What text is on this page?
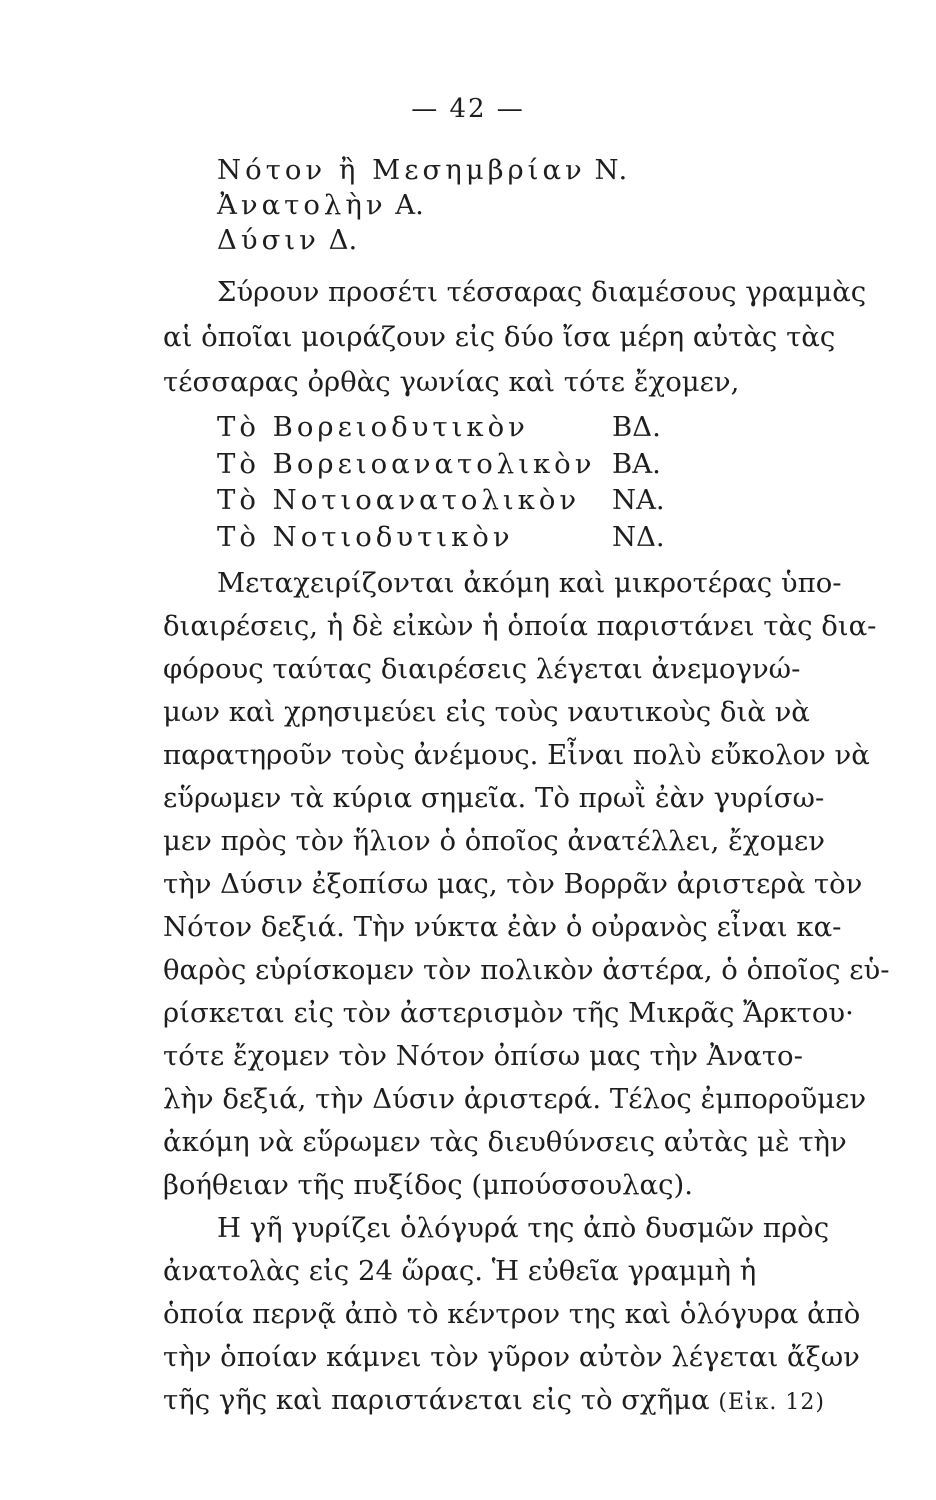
— 42 —
Νότον ἢ Μεσημβρίαν Ν.
Ἀνατολὴν Α.
Δύσιν Δ.
Σύρουν προσέτι τέσσαρας διαμέσους γραμμὰς
αἱ ὁποῖαι μοιράζουν εἰς δύο ἴσα μέρη αὐτὰς τὰς
τέσσαρας ὀρθὰς γωνίας καὶ τότε ἔχομεν,
Τὸ Βορειοδυτικὸν	ΒΔ.
Τὸ Βορειοανατολικὸν ΒΑ.
Τὸ Νοτιοανατολικὸν ΝΑ.
Τὸ Νοτιοδυτικὸν	ΝΔ.
Μεταχειρίζονται ἀκόμη καὶ μικροτέρας ὑπο-
διαιρέσεις, ἡ δὲ εἰκὼν ἡ ὁποία παριστάνει τὰς δια-
φόρους ταύτας διαιρέσεις λέγεται ἀνεμογνώ-
μων καὶ χρησιμεύει εἰς τοὺς ναυτικοὺς διὰ νὰ
παρατηροῦν τοὺς ἀνέμους. Εἶναι πολὺ εὔκολον νὰ
εὕρωμεν τὰ κύρια σημεῖα. Τὸ πρωῒ ἐὰν γυρίσω-
μεν πρὸς τὸν ἥλιον ὁ ὁποῖος ἀνατέλλει, ἔχομεν
τὴν Δύσιν ἐξοπίσω μας, τὸν Βορρᾶν ἀριστερὰ τὸν
Νότον δεξιά. Τὴν νύκτα ἐὰν ὁ οὐρανὸς εἶναι κα-
θαρὸς εὑρίσκομεν τὸν πολικὸν ἀστέρα, ὁ ὁποῖος εὑ-
ρίσκεται εἰς τὸν ἀστερισμὸν τῆς Μικρᾶς Ἄρκτου·
τότε ἔχομεν τὸν Νότον ὀπίσω μας τὴν Ἀνατο-
λὴν δεξιά, τὴν Δύσιν ἀριστερά. Τέλος ἐμποροῦμεν
ἀκόμη νὰ εὕρωμεν τὰς διευθύνσεις αὐτὰς μὲ τὴν
βοήθειαν τῆς πυξίδος (μπούσσουλας).
Η γῆ γυρίζει ὁλόγυρά της ἀπὸ δυσμῶν πρὸς
ἀνατολὰς εἰς 24 ὥρας. Ἡ εὐθεῖα γραμμὴ ἡ
ὁποία περνᾷ ἀπὸ τὸ κέντρον της καὶ ὁλόγυρα ἀπὸ
τὴν ὁποίαν κάμνει τὸν γῦρον αὐτὸν λέγεται ἄξων
τῆς γῆς καὶ παριστάνεται εἰς τὸ σχῆμα (Εἰκ. 12)
